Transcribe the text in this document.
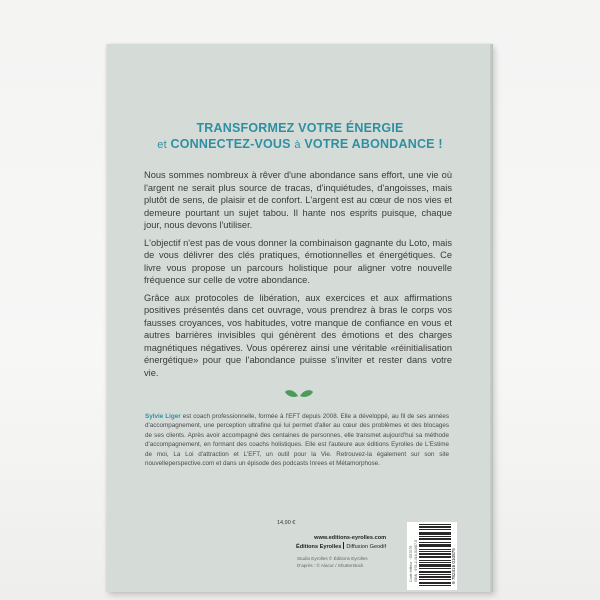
TRANSFORMEZ VOTRE ÉNERGIE
et CONNECTEZ-VOUS à VOTRE ABONDANCE !

Nous sommes nombreux à rêver d'une abondance sans effort, une vie où l'argent ne serait plus source de tracas, d'inquiétudes, d'angoisses, mais plutôt de sens, de plaisir et de confort. L'argent est au cœur de nos vies et demeure pourtant un sujet tabou. Il hante nos esprits puisque, chaque jour, nous devons l'utiliser.

L'objectif n'est pas de vous donner la combinaison gagnante du Loto, mais de vous délivrer des clés pratiques, émotionnelles et énergétiques. Ce livre vous propose un parcours holistique pour aligner votre nouvelle fréquence sur celle de votre abondance.

Grâce aux protocoles de libération, aux exercices et aux affirmations positives présentés dans cet ouvrage, vous prendrez à bras le corps vos fausses croyances, vos habitudes, votre manque de confiance en vous et autres barrières invisibles qui génèrent des émotions et des charges magnétiques négatives. Vous opérerez ainsi une véritable «réinitialisation énergétique» pour que l'abondance puisse s'inviter et rester dans votre vie.

Sylvie Liger est coach professionnelle, formée à l'EFT depuis 2008. Elle a développé, au fil de ses années d'accompagnement, une perception ultrafine qui lui permet d'aller au cœur des problèmes et des blocages de ses clients. Après avoir accompagné des centaines de personnes, elle transmet aujourd'hui sa méthode d'accompagnement, en formant des coachs holistiques. Elle est l'auteure aux éditions Eyrolles de L'Estime de moi, La Loi d'attraction et L'EFT, un outil pour la Vie. Retrouvez-la également sur son site nouvelleperspective.com et dans un épisode des podcasts Inrees et Métamorphose.
14,90 €
www.editions-eyrolles.com
Éditions Eyrolles Diffusion Geodif
Studio Eyrolles © Éditions Eyrolles
D'après : © Alacur / Shutterstock	Code éditeur : G57076 ISBN : 978-2-416-01087-5	9 782416 010875
